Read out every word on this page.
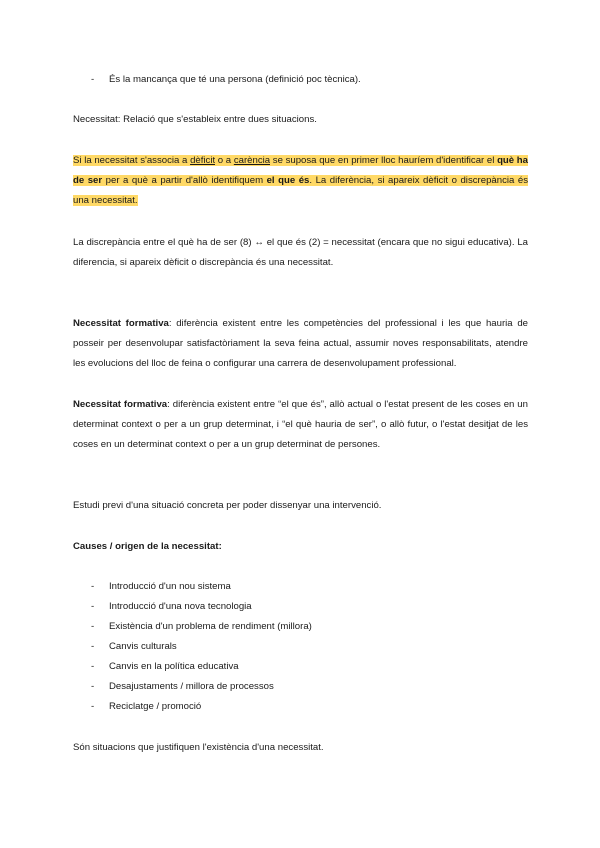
- És la mancança que té una persona (definició poc tècnica).

Necessitat: Relació que s'estableix entre dues situacions.

Si la necessitat s'associa a dèficit o a carència se suposa que en primer lloc hauríem d'identificar el què ha de ser per a què a partir d'allò identifiquem el que és. La diferència, si apareix dèficit o discrepància és una necessitat.

La discrepància entre el què ha de ser (8) ↔ el que és (2) = necessitat (encara que no sigui educativa). La diferencia, si apareix dèficit o discrepància és una necessitat.

Necessitat formativa: diferència existent entre les competències del professional i les que hauria de posseir per desenvolupar satisfactòriament la seva feina actual, assumir noves responsabilitats, atendre les evolucions del lloc de feina o configurar una carrera de desenvolupament professional.

Necessitat formativa: diferència existent entre “el que és”, allò actual o l'estat present de les coses en un determinat context o per a un grup determinat, i “el què hauria de ser”, o allò futur, o l'estat desitjat de les coses en un determinat context o per a un grup determinat de persones.

Estudi previ d'una situació concreta per poder dissenyar una intervenció.

Causes / origen de la necessitat:

- Introducció d'un nou sistema
- Introducció d'una nova tecnologia
- Existència d'un problema de rendiment (millora)
- Canvis culturals
- Canvis en la política educativa
- Desajustaments / millora de processos
- Reciclatge / promoció

Són situacions que justifiquen l'existència d'una necessitat.
